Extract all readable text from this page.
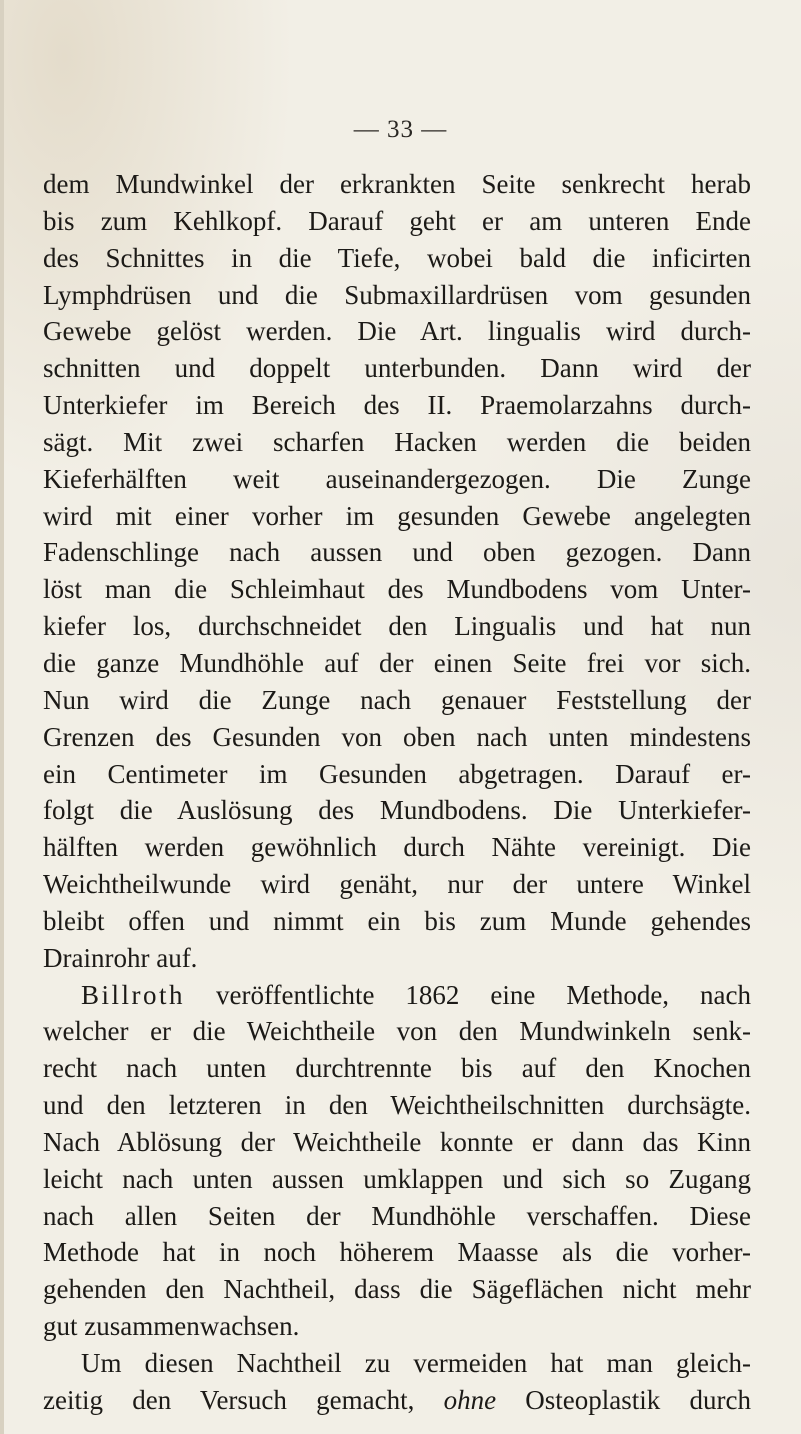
— 33 —
dem Mundwinkel der erkrankten Seite senkrecht herab
bis zum Kehlkopf. Darauf geht er am unteren Ende
des Schnittes in die Tiefe, wobei bald die inficirten
Lymphdrüsen und die Submaxillardrüsen vom gesunden
Gewebe gelöst werden. Die Art. lingualis wird durch-
schnitten und doppelt unterbunden. Dann wird der
Unterkiefer im Bereich des II. Praemolarzahns durch-
sägt. Mit zwei scharfen Hacken werden die beiden
Kieferhälften weit auseinandergezogen. Die Zunge
wird mit einer vorher im gesunden Gewebe angelegten
Fadenschlinge nach aussen und oben gezogen. Dann
löst man die Schleimhaut des Mundbodens vom Unter-
kiefer los, durchschneidet den Lingualis und hat nun
die ganze Mundhöhle auf der einen Seite frei vor sich.
Nun wird die Zunge nach genauer Feststellung der
Grenzen des Gesunden von oben nach unten mindestens
ein Centimeter im Gesunden abgetragen. Darauf er-
folgt die Auslösung des Mundbodens. Die Unterkiefer-
hälften werden gewöhnlich durch Nähte vereinigt. Die
Weichtheilwunde wird genäht, nur der untere Winkel
bleibt offen und nimmt ein bis zum Munde gehendes
Drainrohr auf.
Billroth veröffentlichte 1862 eine Methode, nach
welcher er die Weichtheile von den Mundwinkeln senk-
recht nach unten durchtrennte bis auf den Knochen
und den letzteren in den Weichtheilschnitten durchsägte.
Nach Ablösung der Weichtheile konnte er dann das Kinn
leicht nach unten aussen umklappen und sich so Zugang
nach allen Seiten der Mundhöhle verschaffen. Diese
Methode hat in noch höherem Maasse als die vorher-
gehenden den Nachtheil, dass die Sägeflächen nicht mehr
gut zusammenwachsen.
Um diesen Nachtheil zu vermeiden hat man gleich-
zeitig den Versuch gemacht, ohne Osteoplastik durch
